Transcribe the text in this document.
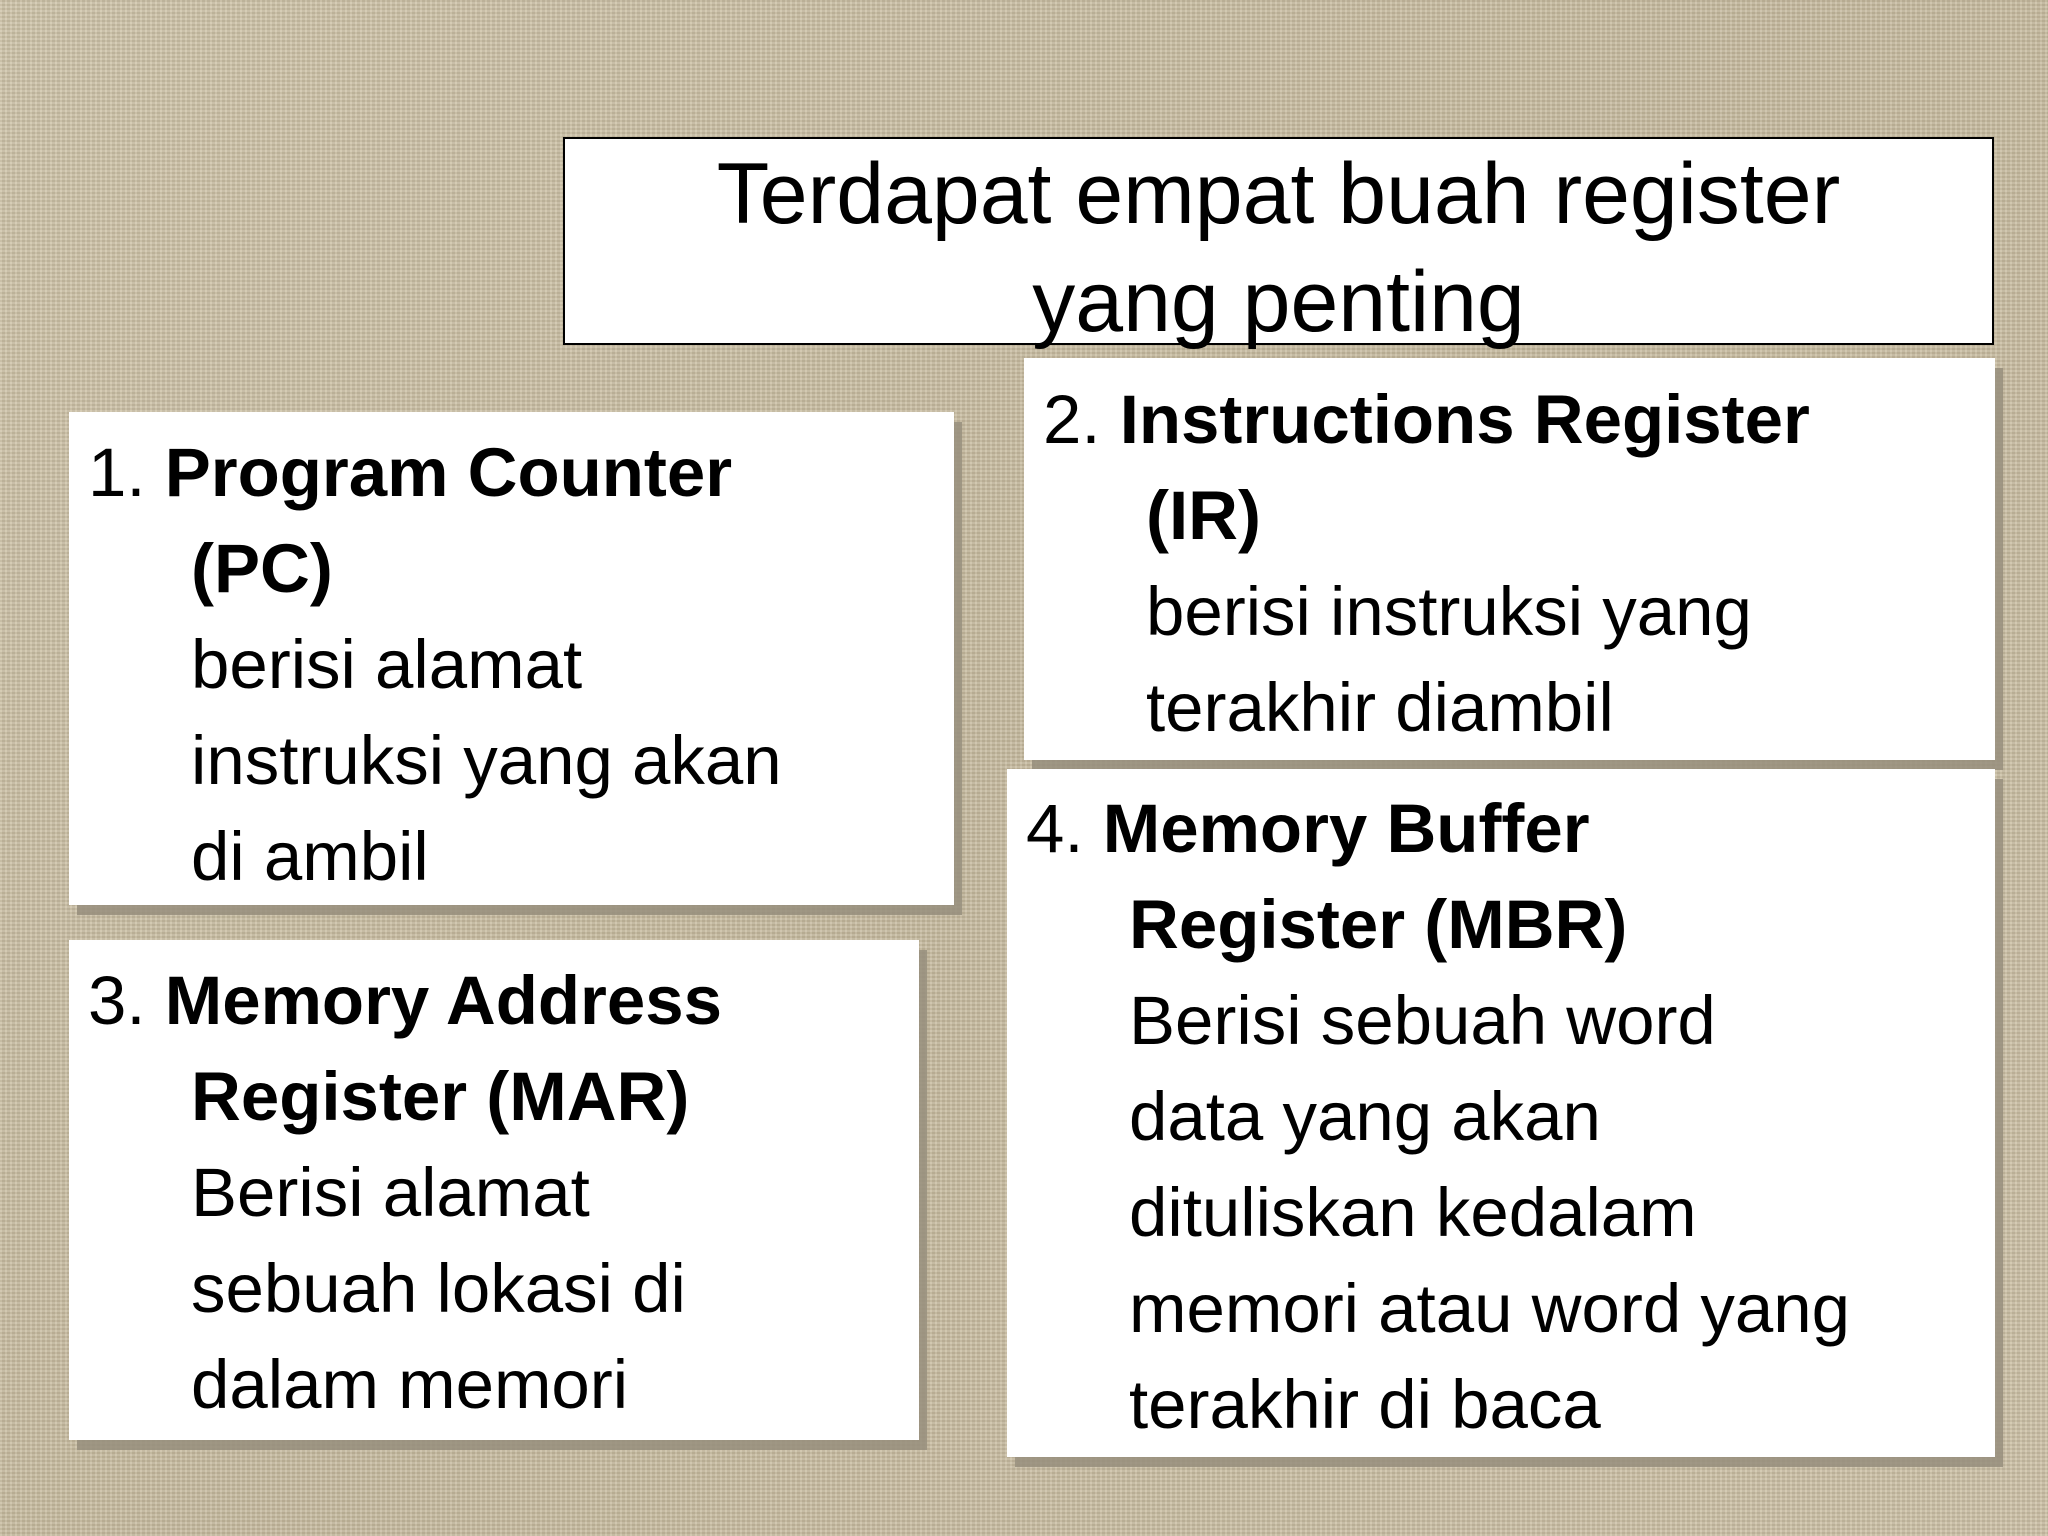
Terdapat empat buah register
yang penting
1. Program Counter
(PC)
berisi alamat
instruksi yang akan
di ambil
2. Instructions Register
(IR)
berisi instruksi yang
terakhir diambil
3. Memory Address
Register (MAR)
Berisi alamat
sebuah lokasi di
dalam memori
4. Memory Buffer
Register (MBR)
Berisi sebuah word
data yang akan
dituliskan kedalam
memori atau word yang
terakhir di baca
